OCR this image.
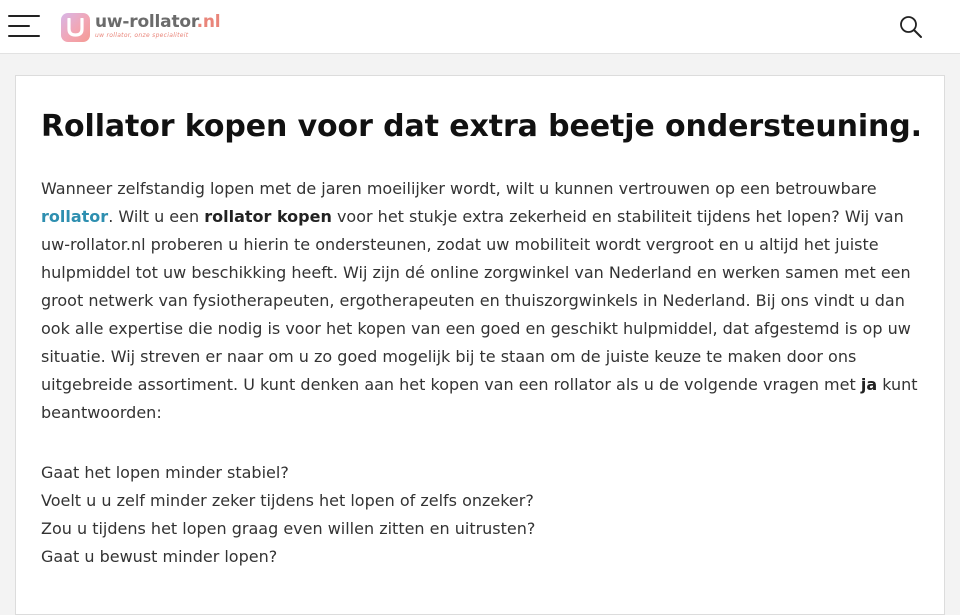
uw-rollator.nl
uw rollator, onze specialiteit
Rollator kopen voor dat extra beetje ondersteuning.

Wanneer zelfstandig lopen met de jaren moeilijker wordt, wilt u kunnen vertrouwen op een betrouwbare rollator. Wilt u een rollator kopen voor het stukje extra zekerheid en stabiliteit tijdens het lopen? Wij van uw-rollator.nl proberen u hierin te ondersteunen, zodat uw mobiliteit wordt vergroot en u altijd het juiste hulpmiddel tot uw beschikking heeft. Wij zijn dé online zorgwinkel van Nederland en werken samen met een groot netwerk van fysiotherapeuten, ergotherapeuten en thuiszorgwinkels in Nederland. Bij ons vindt u dan ook alle expertise die nodig is voor het kopen van een goed en geschikt hulpmiddel, dat afgestemd is op uw situatie. Wij streven er naar om u zo goed mogelijk bij te staan om de juiste keuze te maken door ons uitgebreide assortiment. U kunt denken aan het kopen van een rollator als u de volgende vragen met ja kunt beantwoorden:

Gaat het lopen minder stabiel?
Voelt u u zelf minder zeker tijdens het lopen of zelfs onzeker?
Zou u tijdens het lopen graag even willen zitten en uitrusten?
Gaat u bewust minder lopen?
